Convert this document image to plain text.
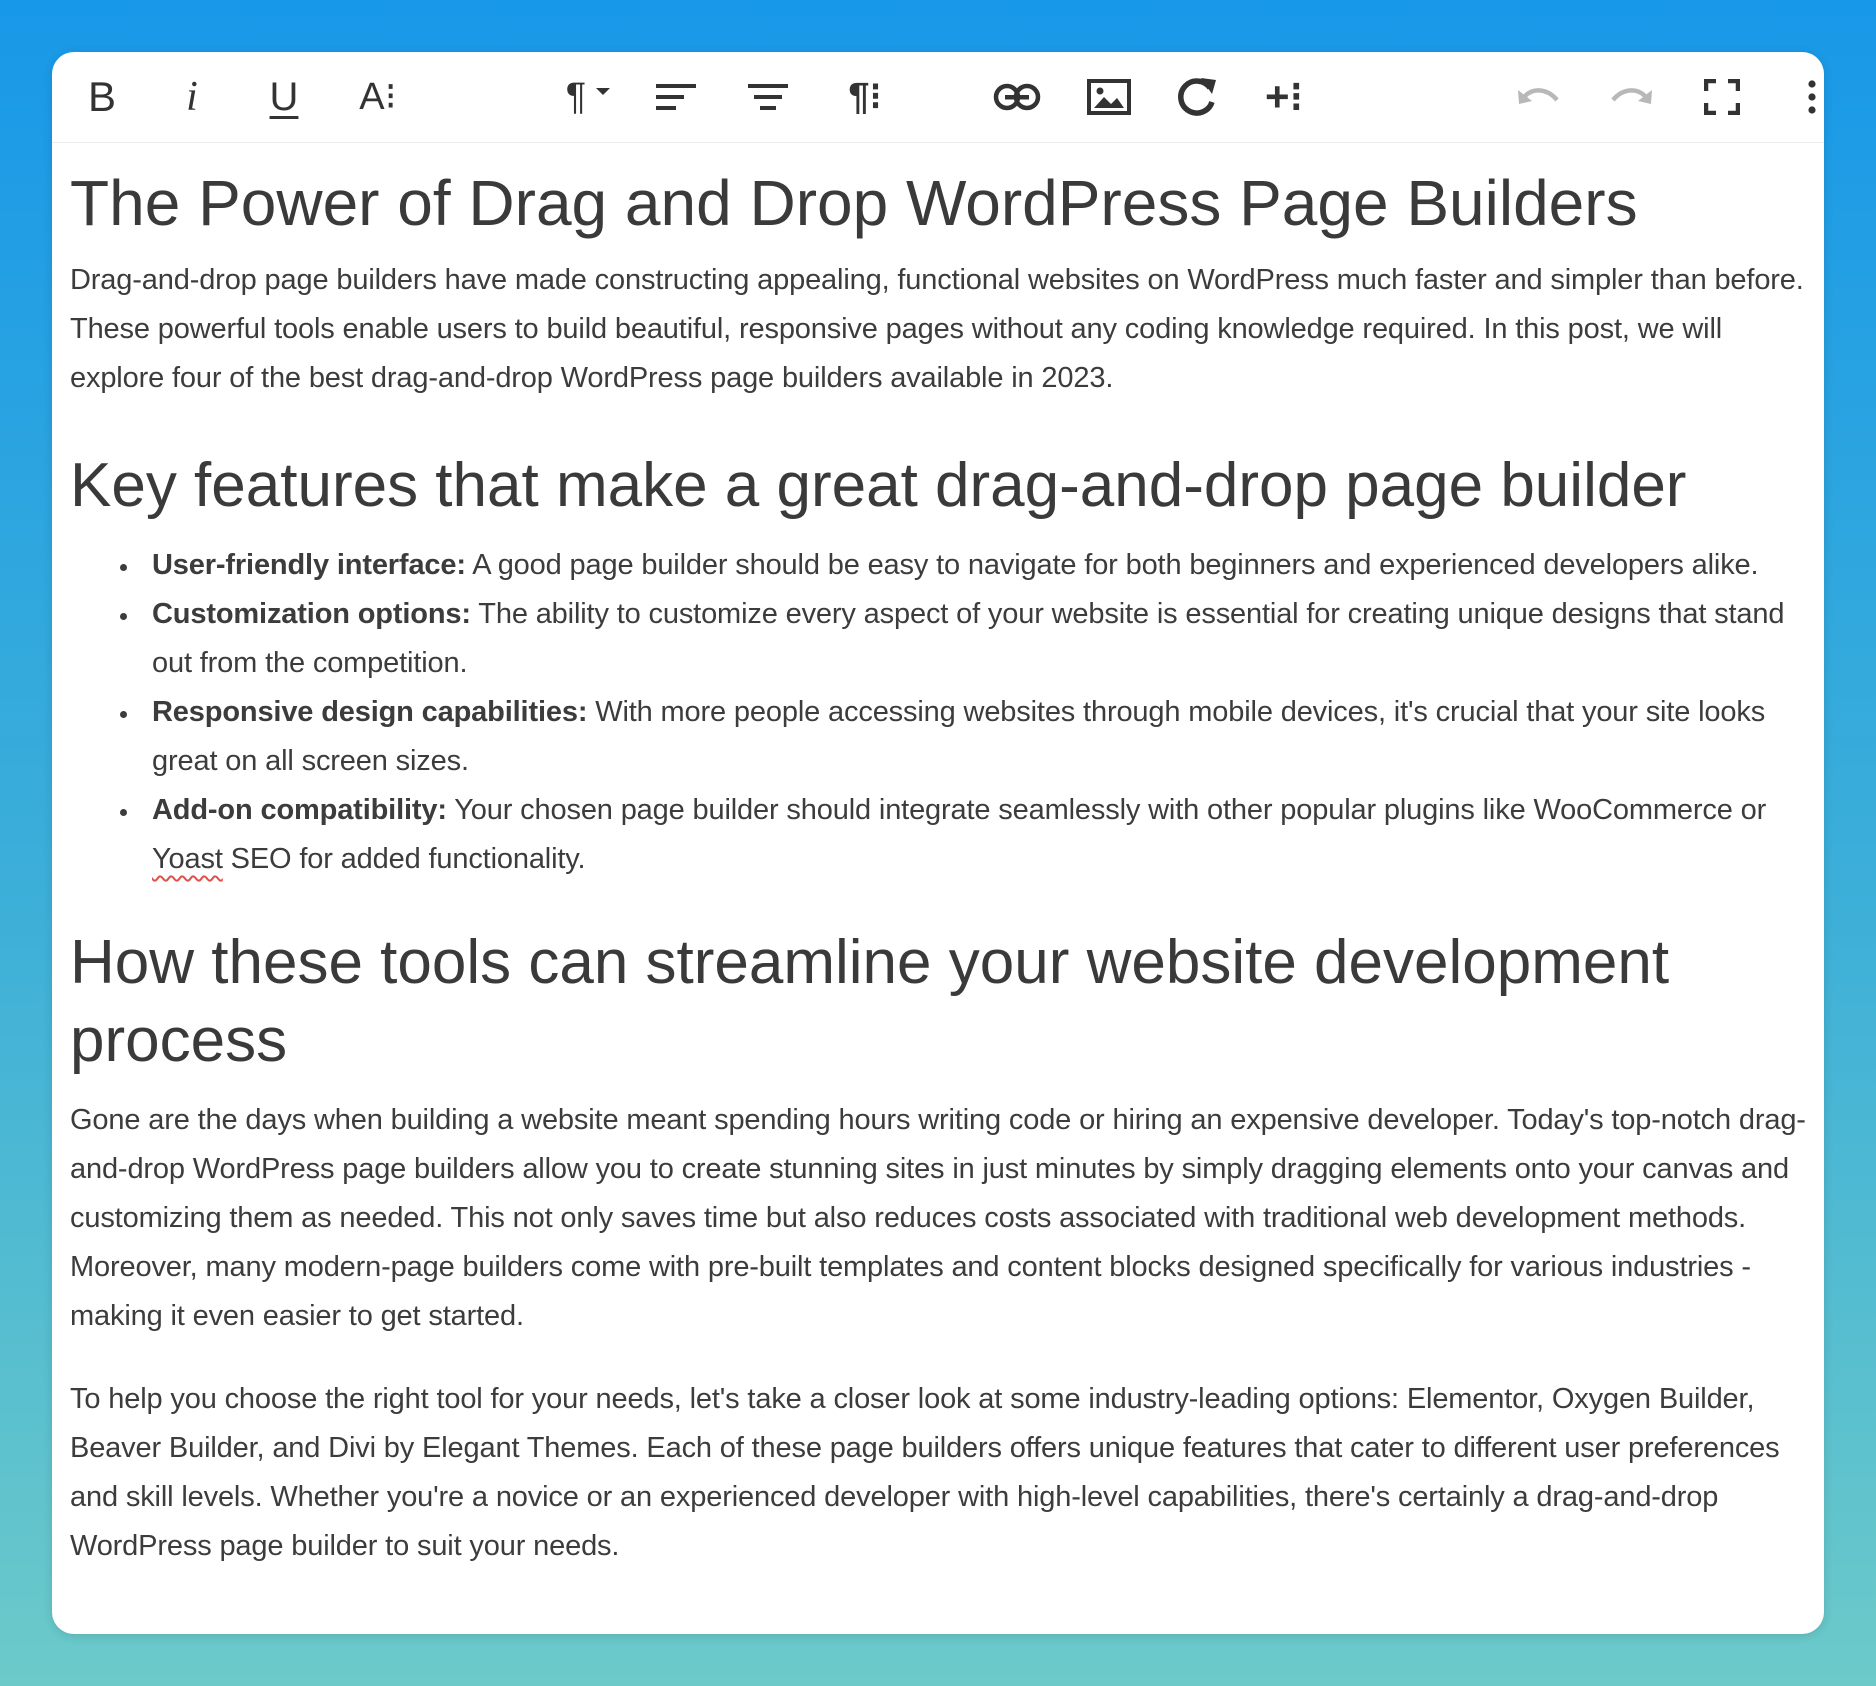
B i U A⁝	¶	¶⁝	+⁝
The Power of Drag and Drop WordPress Page Builders

Drag-and-drop page builders have made constructing appealing, functional websites on WordPress much faster and simpler than before. These powerful tools enable users to build beautiful, responsive pages without any coding knowledge required. In this post, we will explore four of the best drag-and-drop WordPress page builders available in 2023.

Key features that make a great drag-and-drop page builder
• User-friendly interface: A good page builder should be easy to navigate for both beginners and experienced developers alike.
• Customization options: The ability to customize every aspect of your website is essential for creating unique designs that stand out from the competition.
• Responsive design capabilities: With more people accessing websites through mobile devices, it's crucial that your site looks great on all screen sizes.
• Add-on compatibility: Your chosen page builder should integrate seamlessly with other popular plugins like WooCommerce or Yoast SEO for added functionality.
How these tools can streamline your website development process

Gone are the days when building a website meant spending hours writing code or hiring an expensive developer. Today's top-notch drag-and-drop WordPress page builders allow you to create stunning sites in just minutes by simply dragging elements onto your canvas and customizing them as needed. This not only saves time but also reduces costs associated with traditional web development methods. Moreover, many modern-page builders come with pre-built templates and content blocks designed specifically for various industries - making it even easier to get started.

To help you choose the right tool for your needs, let's take a closer look at some industry-leading options: Elementor, Oxygen Builder, Beaver Builder, and Divi by Elegant Themes. Each of these page builders offers unique features that cater to different user preferences and skill levels. Whether you're a novice or an experienced developer with high-level capabilities, there's certainly a drag-and-drop WordPress page builder to suit your needs.
